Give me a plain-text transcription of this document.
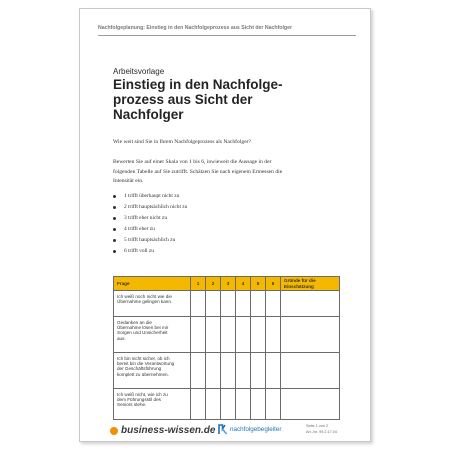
Nachfolgeplanung: Einstieg in den Nachfolgeprozess aus Sicht der Nachfolger
Arbeitsvorlage
Einstieg in den Nachfolge-
prozess aus Sicht der
Nachfolger
Wie weit sind Sie in Ihrem Nachfolgeprozess als Nachfolger?
Bewerten Sie auf einer Skala von 1 bis 6, inwieweit die Aussage in der
folgenden Tabelle auf Sie zutrifft. Schätzen Sie nach eigenem Ermessen die
Intensität ein.
1 trifft überhaupt nicht zu
2 trifft hauptsächlich nicht zu
3 trifft eher nicht zu
4 trifft eher zu
5 trifft hauptsächlich zu
6 trifft voll zu
Frage	1	2	3	4	5	6	Gründe für die
Einschätzung

Ich weiß noch nicht wie die
Übernahme gelingen kann.							

Gedanken an die
Übernahme lösen bei mir
Sorgen und Unsicherheit
aus.							

Ich bin nicht sicher, ob ich
bereit bin die Verantwortung
der Geschäftsführung
komplett zu übernehmen.							

Ich weiß nicht, wie ich zu
dem Führungsstil des
Seniors stehe.							

business-wissen.de nachfolgebegleiter	Seite 1 von 2
Art.-Nr. 99.2.17.04
